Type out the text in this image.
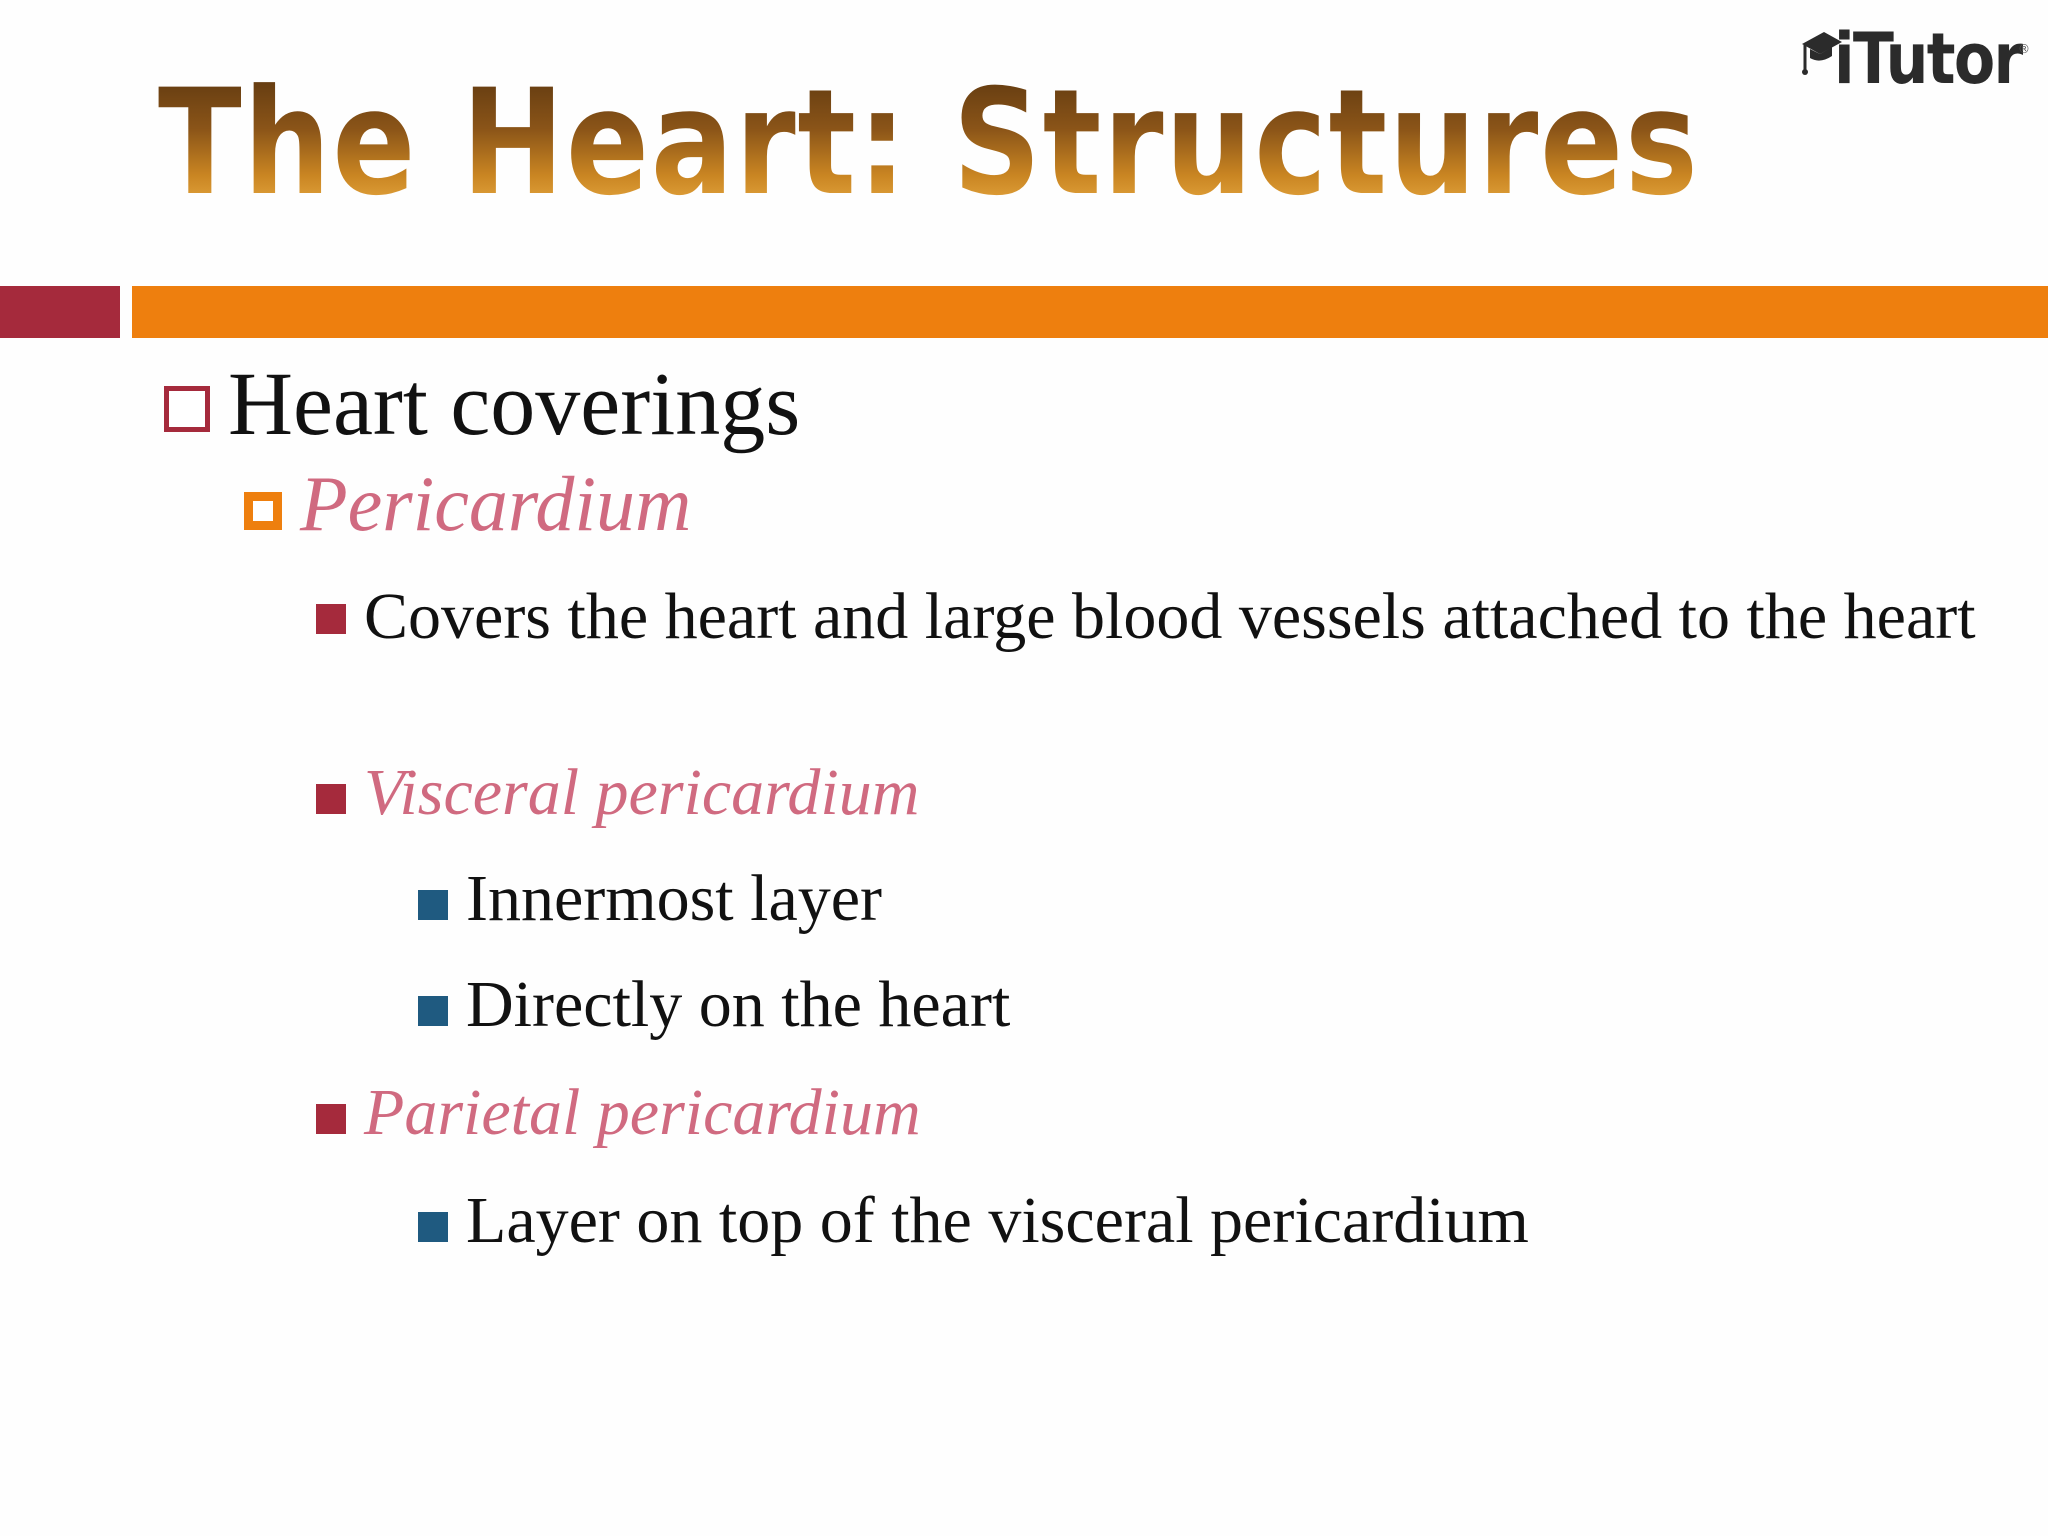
iTutor
®
The Heart: Structures
Heart coverings
Pericardium
Covers the heart and large blood vessels attached to the heart
Visceral pericardium
Innermost layer
Directly on the heart
Parietal pericardium
Layer on top of the visceral pericardium
